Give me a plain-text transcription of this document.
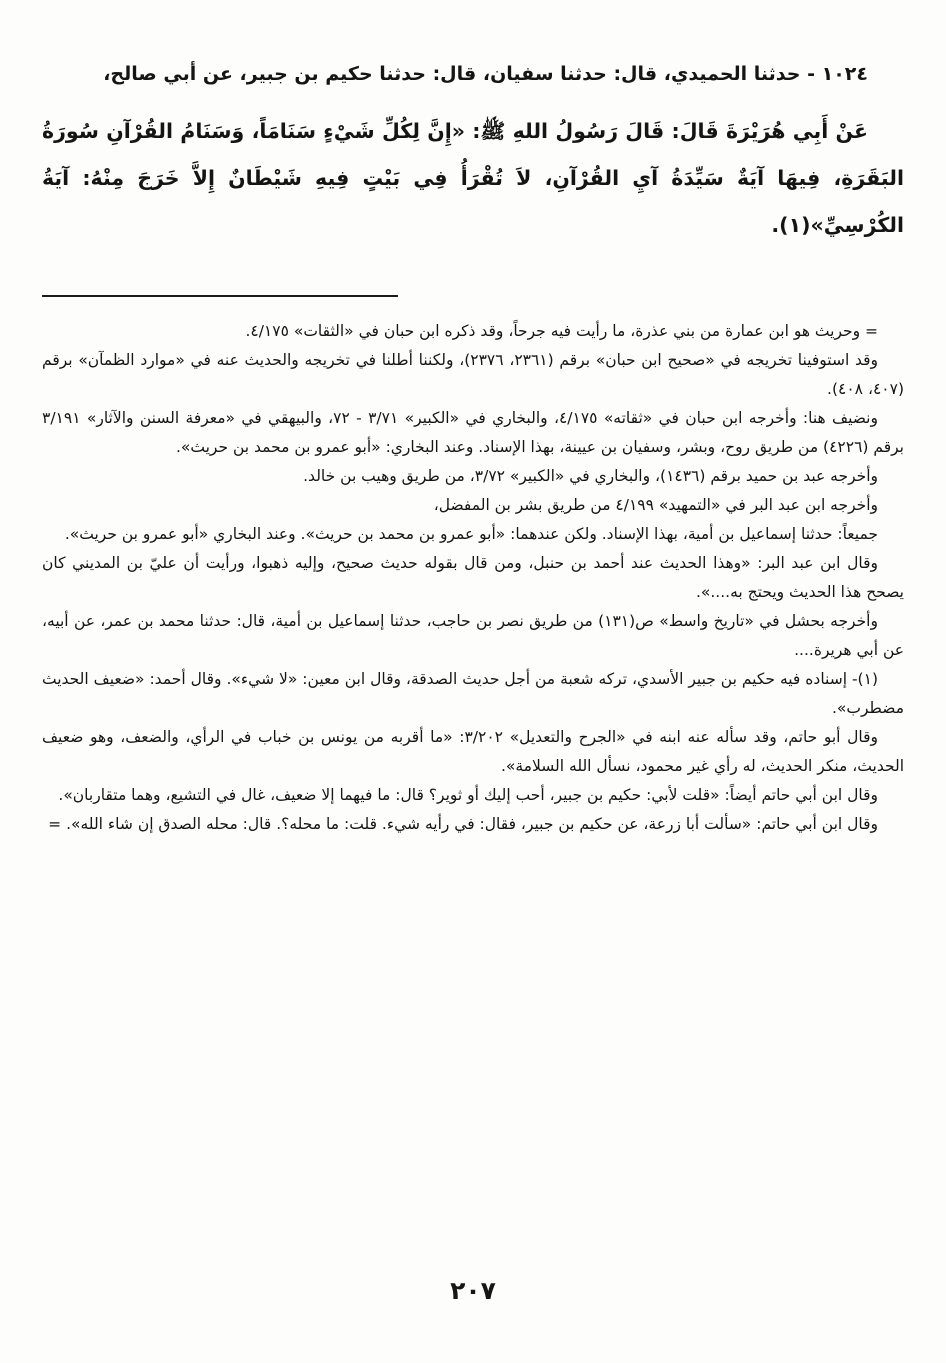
١٠٢٤ - حدثنا الحميدي، قال: حدثنا سفيان، قال: حدثنا حكيم بن جبير، عن أبي صالح،

عَنْ أَبِي هُرَيْرَةَ قَالَ: قَالَ رَسُولُ اللهِ ﷺ: «إِنَّ لِكُلِّ شَيْءٍ سَنَامَاً، وَسَنَامُ القُرْآنِ سُورَةُ البَقَرَةِ، فِيهَا آيَةٌ سَيِّدَةُ آيِ القُرْآنِ، لاَ تُقْرَأُ فِي بَيْتٍ فِيهِ شَيْطَانٌ إِلاَّ خَرَجَ مِنْهُ: آيَةُ الكُرْسِيِّ»(١).

= وحريث هو ابن عمارة من بني عذرة، ما رأيت فيه جرحاً، وقد ذكره ابن حبان في «الثقات» ٤/١٧٥.

وقد استوفينا تخريجه في «صحيح ابن حبان» برقم (٢٣٦١، ٢٣٧٦)، ولكننا أطلنا في تخريجه والحديث عنه في «موارد الظمآن» برقم (٤٠٧، ٤٠٨).

ونضيف هنا: وأخرجه ابن حبان في «ثقاته» ٤/١٧٥، والبخاري في «الكبير» ٣/٧١ - ٧٢، والبيهقي في «معرفة السنن والآثار» ٣/١٩١ برقم (٤٢٢٦) من طريق روح، وبشر، وسفيان بن عيينة، بهذا الإسناد. وعند البخاري: «أبو عمرو بن محمد بن حريث».

وأخرجه عبد بن حميد برقم (١٤٣٦)، والبخاري في «الكبير» ٣/٧٢، من طريق وهيب بن خالد.

وأخرجه ابن عبد البر في «التمهيد» ٤/١٩٩ من طريق بشر بن المفضل،

جميعاً: حدثنا إسماعيل بن أمية، بهذا الإسناد. ولكن عندهما: «أبو عمرو بن محمد بن حريث». وعند البخاري «أبو عمرو بن حريث».

وقال ابن عبد البر: «وهذا الحديث عند أحمد بن حنبل، ومن قال بقوله حديث صحيح، وإليه ذهبوا، ورأيت أن عليّ بن المديني كان يصحح هذا الحديث ويحتج به....».

وأخرجه بحشل في «تاريخ واسط» ص(١٣١) من طريق نصر بن حاجب، حدثنا إسماعيل بن أمية، قال: حدثنا محمد بن عمر، عن أبيه، عن أبي هريرة....

(١)- إسناده فيه حكيم بن جبير الأسدي، تركه شعبة من أجل حديث الصدقة، وقال ابن معين: «لا شيء». وقال أحمد: «ضعيف الحديث مضطرب».

وقال أبو حاتم، وقد سأله عنه ابنه في «الجرح والتعديل» ٣/٢٠٢: «ما أقربه من يونس بن خباب في الرأي، والضعف، وهو ضعيف الحديث، منكر الحديث، له رأي غير محمود، نسأل الله السلامة».

وقال ابن أبي حاتم أيضاً: «قلت لأبي: حكيم بن جبير، أحب إليك أو ثوير؟ قال: ما فيهما إلا ضعيف، غال في التشيع، وهما متقاربان».

وقال ابن أبي حاتم: «سألت أبا زرعة، عن حكيم بن جبير، فقال: في رأيه شيء. قلت: ما محله؟. قال: محله الصدق إن شاء الله». =

٢٠٧
